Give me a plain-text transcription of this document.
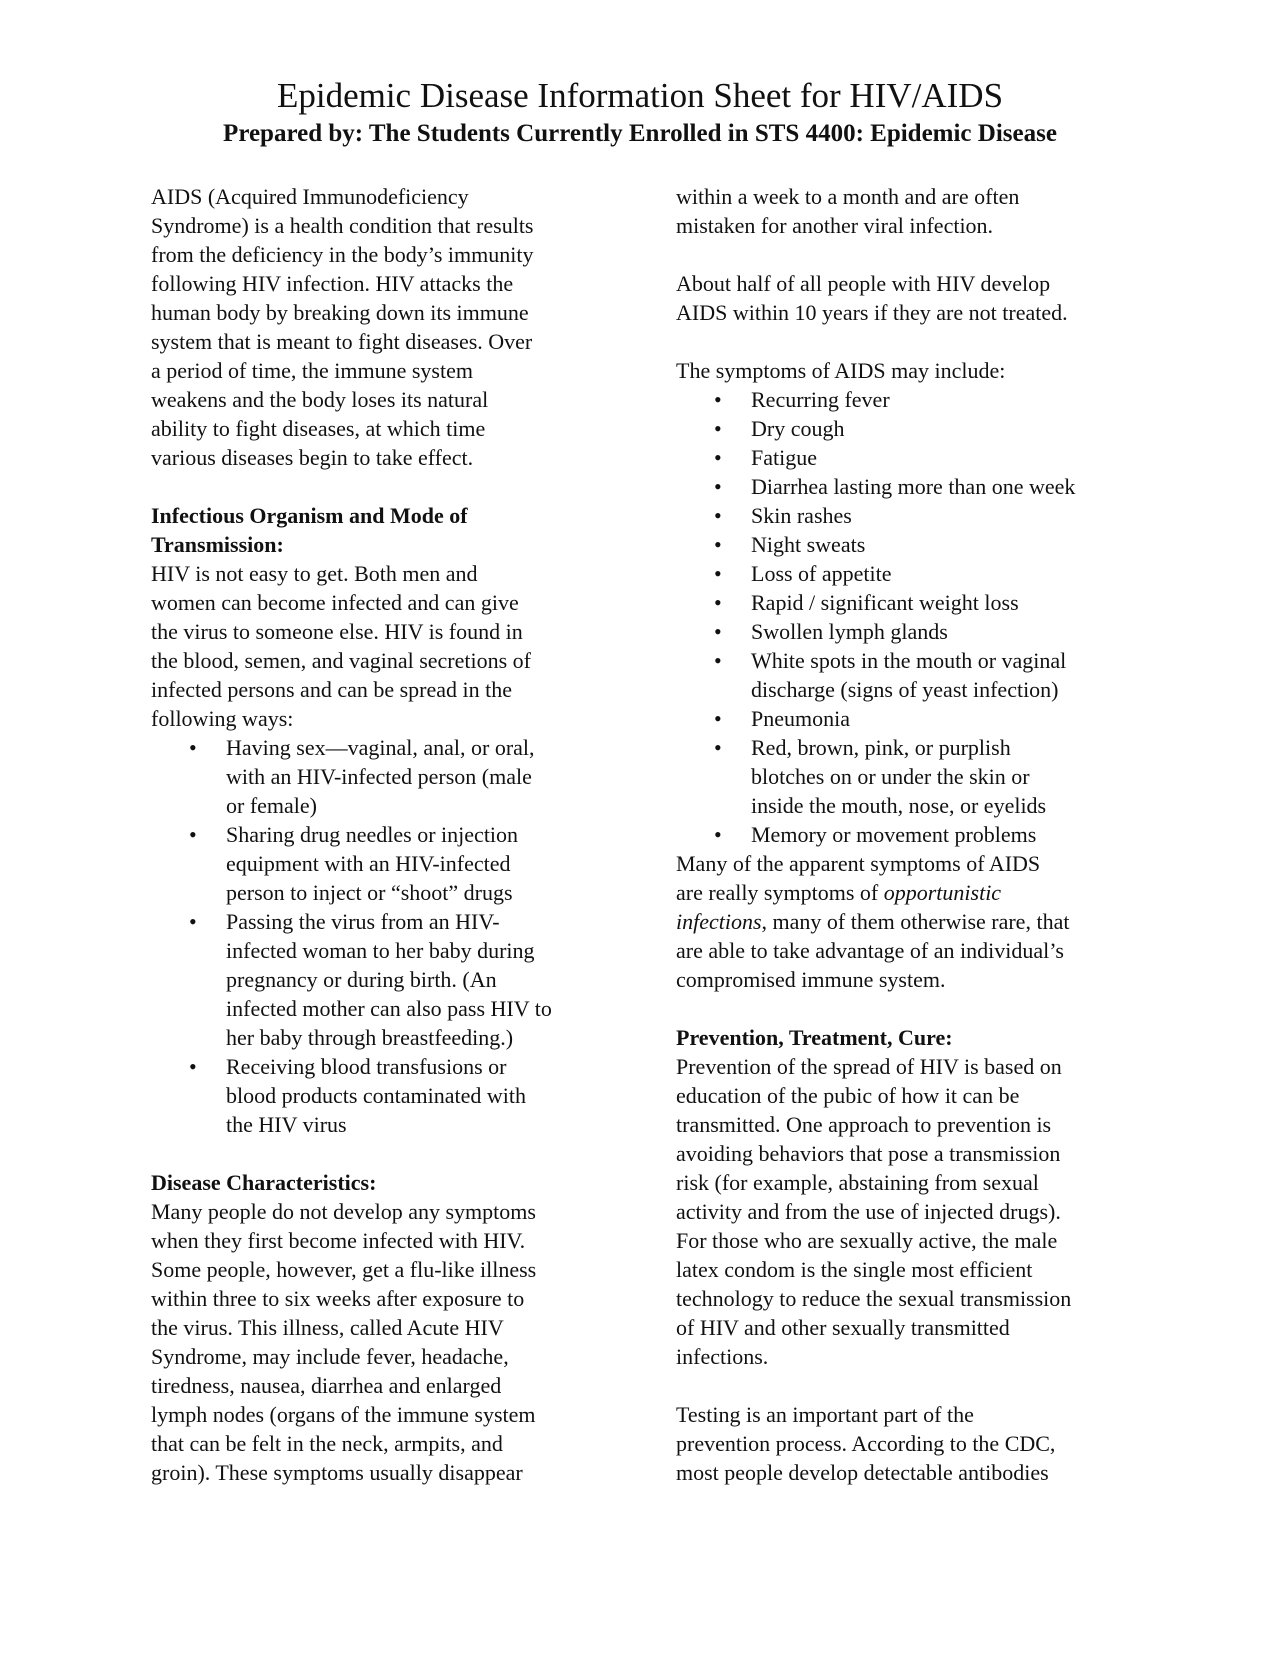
Epidemic Disease Information Sheet for HIV/AIDS
Prepared by: The Students Currently Enrolled in STS 4400: Epidemic Disease
AIDS (Acquired Immunodeficiency
Syndrome) is a health condition that results
from the deficiency in the body’s immunity
following HIV infection. HIV attacks the
human body by breaking down its immune
system that is meant to fight diseases. Over
a period of time, the immune system
weakens and the body loses its natural
ability to fight diseases, at which time
various diseases begin to take effect.
Infectious Organism and Mode of
Transmission:
HIV is not easy to get. Both men and
women can become infected and can give
the virus to someone else. HIV is found in
the blood, semen, and vaginal secretions of
infected persons and can be spread in the
following ways:
• Having sex—vaginal, anal, or oral,
with an HIV-infected person (male
or female)
• Sharing drug needles or injection
equipment with an HIV-infected
person to inject or “shoot” drugs
• Passing the virus from an HIV-
infected woman to her baby during
pregnancy or during birth. (An
infected mother can also pass HIV to
her baby through breastfeeding.)
• Receiving blood transfusions or
blood products contaminated with
the HIV virus
Disease Characteristics:
Many people do not develop any symptoms
when they first become infected with HIV.
Some people, however, get a flu-like illness
within three to six weeks after exposure to
the virus. This illness, called Acute HIV
Syndrome, may include fever, headache,
tiredness, nausea, diarrhea and enlarged
lymph nodes (organs of the immune system
that can be felt in the neck, armpits, and
groin). These symptoms usually disappear
within a week to a month and are often
mistaken for another viral infection.
About half of all people with HIV develop
AIDS within 10 years if they are not treated.
The symptoms of AIDS may include:
• Recurring fever
• Dry cough
• Fatigue
• Diarrhea lasting more than one week
• Skin rashes
• Night sweats
• Loss of appetite
• Rapid / significant weight loss
• Swollen lymph glands
• White spots in the mouth or vaginal
discharge (signs of yeast infection)
• Pneumonia
• Red, brown, pink, or purplish
blotches on or under the skin or
inside the mouth, nose, or eyelids
• Memory or movement problems
Many of the apparent symptoms of AIDS
are really symptoms of opportunistic
infections, many of them otherwise rare, that
are able to take advantage of an individual’s
compromised immune system.
Prevention, Treatment, Cure:
Prevention of the spread of HIV is based on
education of the pubic of how it can be
transmitted. One approach to prevention is
avoiding behaviors that pose a transmission
risk (for example, abstaining from sexual
activity and from the use of injected drugs).
For those who are sexually active, the male
latex condom is the single most efficient
technology to reduce the sexual transmission
of HIV and other sexually transmitted
infections.
Testing is an important part of the
prevention process. According to the CDC,
most people develop detectable antibodies
